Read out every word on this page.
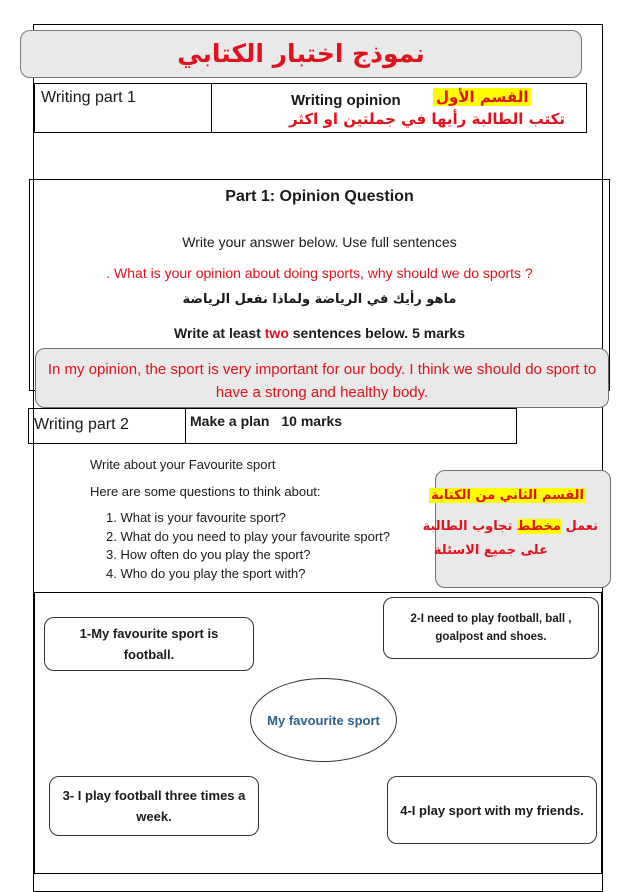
نموذج اختبار الكتابي
Writing part 1	Writing opinion القسم الأول
تكتب الطالبة رأيها في جملتين او اكثر
Part 1: Opinion Question
Write your answer below. Use full sentences
. What is your opinion about doing sports, why should we do sports ?
ماهو رأيك في الرياضة ولماذا نفعل الرياضة
Write at least two sentences below. 5 marks
In my opinion, the sport is very important for our body. I think we should do sport to have a strong and healthy body.
Writing part 2	Make a plan 10 marks
Write about your Favourite sport
Here are some questions to think about:
1. What is your favourite sport?
2. What do you need to play your favourite sport?
3. How often do you play the sport?
4. Who do you play the sport with?
القسم الثاني من الكتابة
نعمل مخطط تجاوب الطالبة
على جميع الاسئلة
1-My favourite sport is football.
2-I need to play football, ball , goalpost and shoes.
My favourite sport
3- I play football three times a week.	4-I play sport with my friends.
